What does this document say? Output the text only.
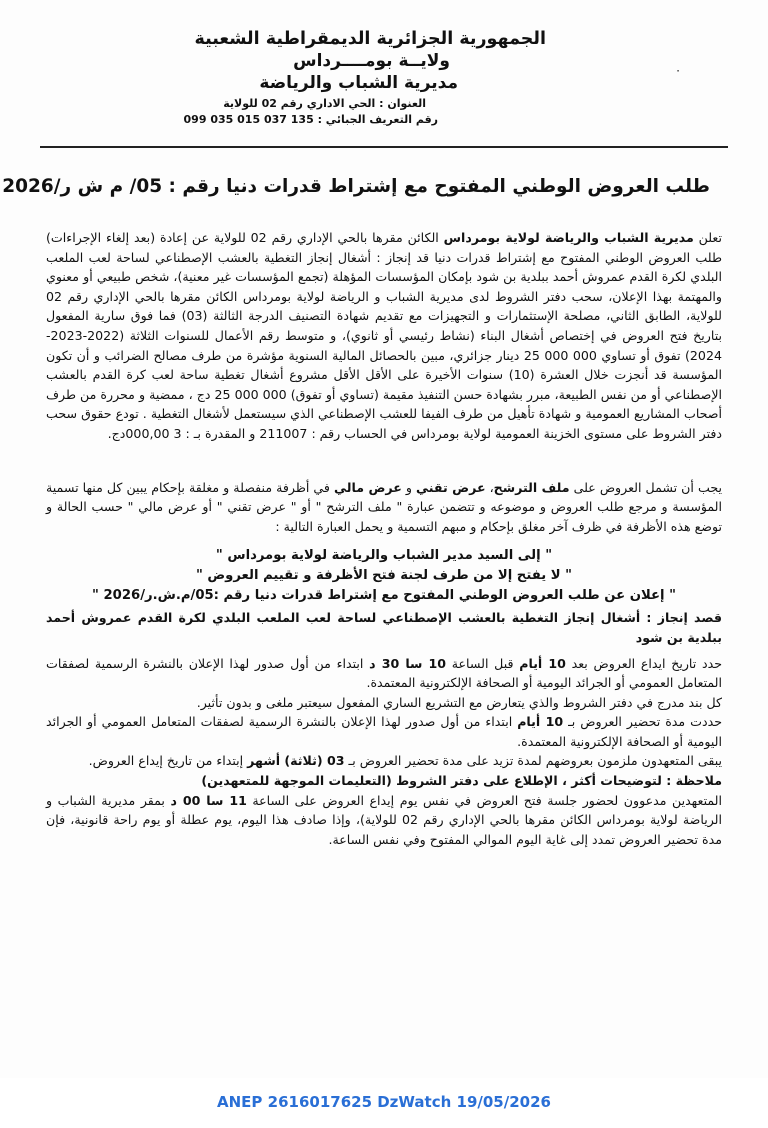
الجمهورية الجزائرية الديمقراطية الشعبية
ولايــة بومــــرداس
مديرية الشباب والرياضة
العنوان : الحي الاداري رقم 02 للولاية
رقم التعريف الجبائي : 135 037 015 035 099
ᐧ
طلب العروض الوطني المفتوح مع إشتراط قدرات دنيا رقم : 05/ م ش ر/2026

تعلن مديرية الشباب والرياضة لولاية بومرداس الكائن مقرها بالحي الإداري رقم 02 للولاية عن إعادة (بعد إلغاء الإجراءات) طلب العروض الوطني المفتوح مع إشتراط قدرات دنيا قد إنجاز : أشغال إنجاز التغطية بالعشب الإصطناعي لساحة لعب الملعب البلدي لكرة القدم عمروش أحمد ببلدية بن شود بإمكان المؤسسات المؤهلة (تجمع المؤسسات غير معنية)، شخص طبيعي أو معنوي والمهتمة بهذا الإعلان، سحب دفتر الشروط لدى مديرية الشباب و الرياضة لولاية بومرداس الكائن مقرها بالحي الإداري رقم 02 للولاية، الطابق الثاني، مصلحة الإستثمارات و التجهيزات مع تقديم شهادة التصنيف الدرجة الثالثة (03) فما فوق سارية المفعول بتاريخ فتح العروض في إختصاص أشغال البناء (نشاط رئيسي أو ثانوي)، و متوسط رقم الأعمال للسنوات الثلاثة (2022-2023-2024) تفوق أو تساوي 000 000 25 دينار جزائري، مبين بالحصائل المالية السنوية مؤشرة من طرف مصالح الضرائب و أن تكون المؤسسة قد أنجزت خلال العشرة (10) سنوات الأخيرة على الأقل الأقل مشروع أشغال تغطية ساحة لعب كرة القدم بالعشب الإصطناعي أو من نفس الطبيعة، مبرر بشهادة حسن التنفيذ مقيمة (تساوي أو تفوق) 000 000 25 دج ، ممضية و محررة من طرف أصحاب المشاريع العمومية و شهادة تأهيل من طرف الفيفا للعشب الإصطناعي الذي سيستعمل لأشغال التغطية . تودع حقوق سحب دفتر الشروط على مستوى الخزينة العمومية لولاية بومرداس في الحساب رقم : 211007 و المقدرة بـ : 3 000,00دج.

يجب أن تشمل العروض على ملف الترشح، عرض تقني و عرض مالي في أظرفة منفصلة و مغلقة بإحكام يبين كل منها تسمية المؤسسة و مرجع طلب العروض و موضوعه و تتضمن عبارة " ملف الترشح " أو " عرض تقني " أو عرض مالي " حسب الحالة و توضع هذه الأظرفة في ظرف آخر مغلق بإحكام و مبهم التسمية و يحمل العبارة التالية :

" إلى السيد مدير الشباب والرياضة لولاية بومرداس "
" لا يفتح إلا من طرف لجنة فتح الأظرفة و تقييم العروض "
" إعلان عن طلب العروض الوطني المفتوح مع إشتراط قدرات دنيا رقم :05/م.ش.ر/2026 "

قصد إنجاز : أشغال إنجاز التغطية بالعشب الإصطناعي لساحة لعب الملعب البلدي لكرة القدم عمروش أحمد ببلدية بن شود

حدد تاريخ ايداع العروض بعد 10 أيام قبل الساعة 10 سا 30 د ابتداء من أول صدور لهذا الإعلان بالنشرة الرسمية لصفقات المتعامل العمومي أو الجرائد اليومية أو الصحافة الإلكترونية المعتمدة.

كل بند مدرج في دفتر الشروط والذي يتعارض مع التشريع الساري المفعول سيعتبر ملغى و بدون تأثير.

حددت مدة تحضير العروض بـ 10 أيام ابتداء من أول صدور لهذا الإعلان بالنشرة الرسمية لصفقات المتعامل العمومي أو الجرائد اليومية أو الصحافة الإلكترونية المعتمدة.

يبقى المتعهدون ملزمون بعروضهم لمدة تزيد على مدة تحضير العروض بـ 03 (ثلاثة) أشهر إبتداء من تاريخ إيداع العروض.

ملاحظة : لتوضيحات أكثر ، الإطلاع على دفتر الشروط (التعليمات الموجهة للمتعهدين)

المتعهدين مدعوون لحضور جلسة فتح العروض في نفس يوم إيداع العروض على الساعة 11 سا 00 د بمقر مديرية الشباب و الرياضة لولاية بومرداس الكائن مقرها بالحي الإداري رقم 02 للولاية)، وإذا صادف هذا اليوم، يوم عطلة أو يوم راحة قانونية، فإن مدة تحضير العروض تمدد إلى غاية اليوم الموالي المفتوح وفي نفس الساعة.

ANEP 2616017625 DzWatch 19/05/2026
